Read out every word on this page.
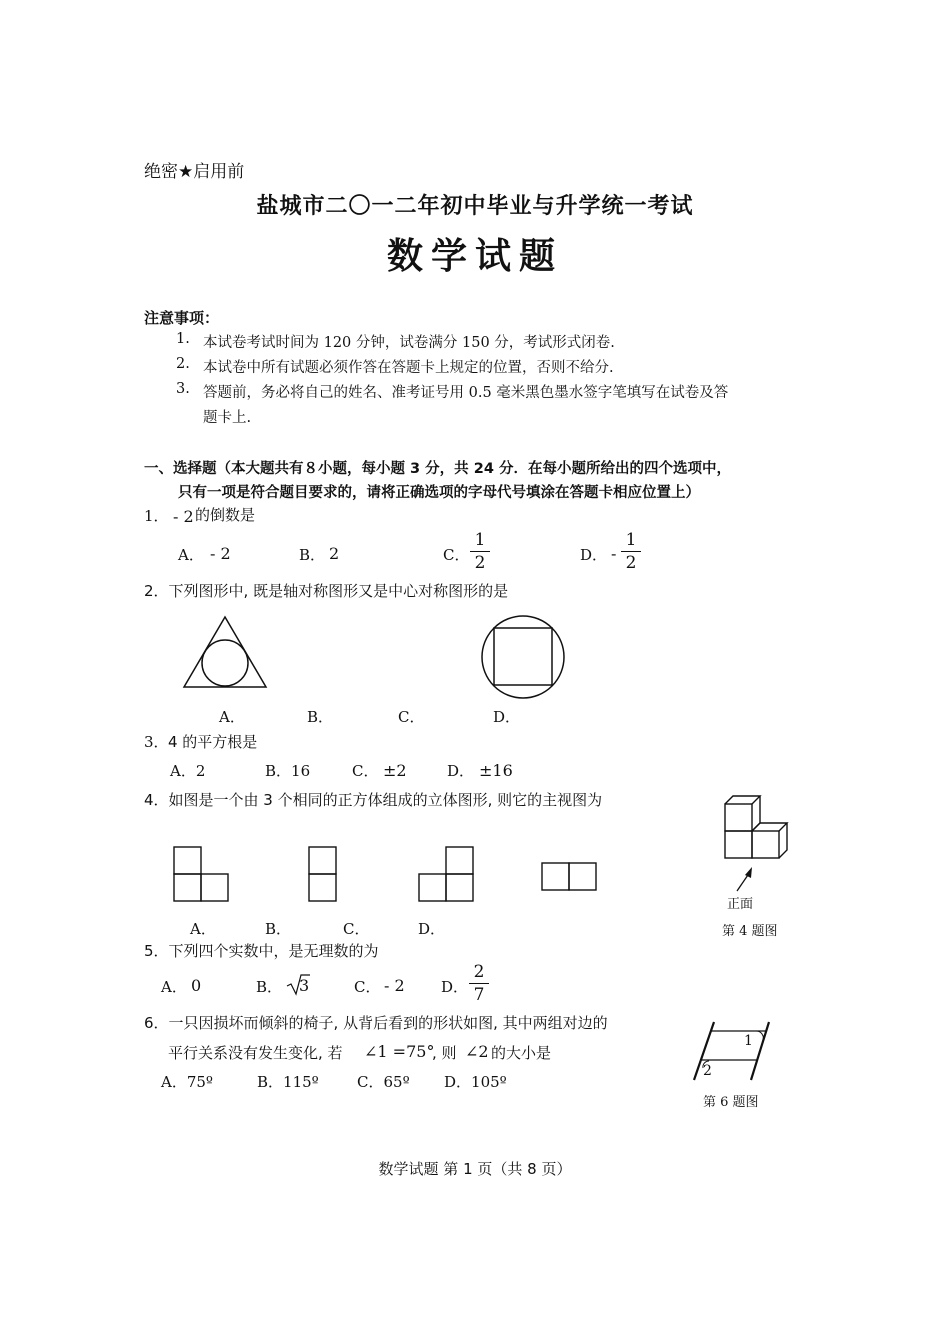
绝密★启用前
盐城市二〇一二年初中毕业与升学统一考试
数学试题
注意事项：
1. 本试卷考试时间为 120 分钟，试卷满分 150 分，考试形式闭卷.
2. 本试卷中所有试题必须作答在答题卡上规定的位置，否则不给分.
3. 答题前，务必将自己的姓名、准考证号用 0.5 毫米黑色墨水签字笔填写在试卷及答
题卡上.
一、选择题（本大题共有８小题，每小题 3 分，共 24 分．在每小题所给出的四个选项中，
只有一项是符合题目要求的，请将正确选项的字母代号填涂在答题卡相应位置上）
1． - 2 的倒数是
A． - 2	B． 2	C．
1
2	D． -
1
2
2．下列图形中, 既是轴对称图形又是中心对称图形的是
A．	B．	C．	D．
3． 4 的平方根是
A．2	B．16	C． ±2	D． ±16
4．如图是一个由 3 个相同的正方体组成的立体图形, 则它的主视图为
A．	B．	C．	D．
正面
第 4 题图
5．下列四个实数中，是无理数的为
A． 0	B． 3	C． - 2 D．
2
7
6．一只因损坏而倾斜的椅子, 从背后看到的形状如图, 其中两组对边的
平行关系没有发生变化, 若 ∠1 =75°
, 则 ∠2 的大小是
A．75º	B．115º	C．65º D．105º
1
2
第 6 题图
数学试题 第 1 页（共 8 页）
